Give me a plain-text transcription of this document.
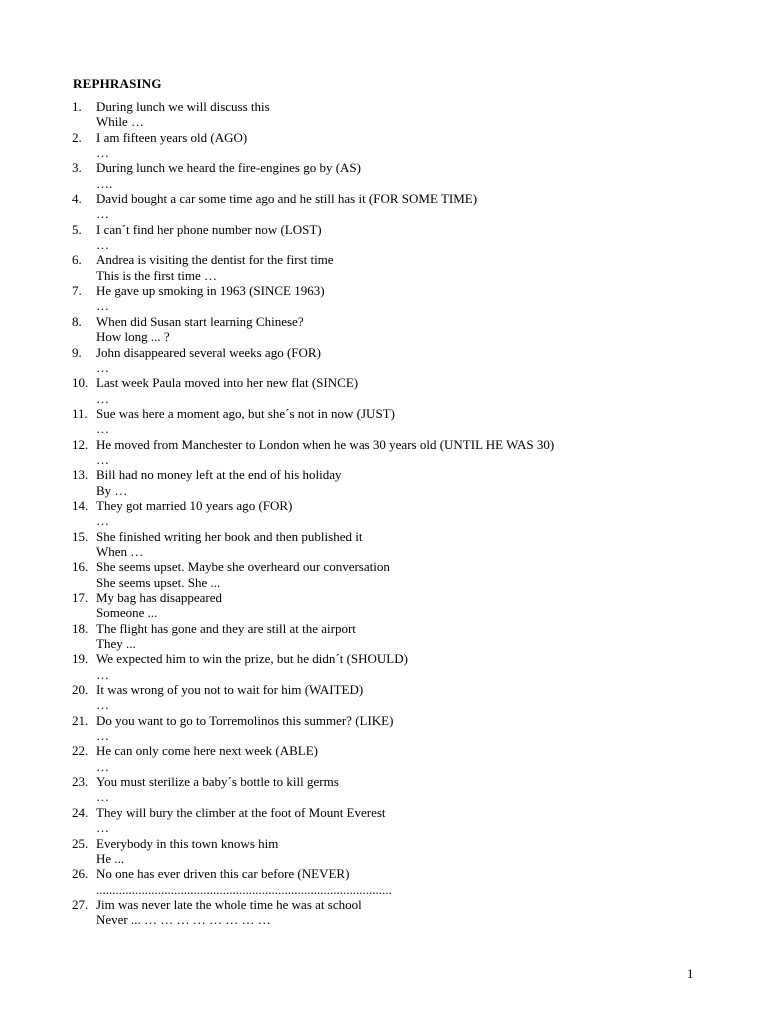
REPHRASING
1.	During lunch we will discuss this
While …
2.	I am fifteen years old (AGO)
…
3.	During lunch we heard the fire-engines go by (AS)
….
4.	David bought a car some time ago and he still has it (FOR SOME TIME)
…
5.	I can´t find her phone number now (LOST)
…
6.	Andrea is visiting the dentist for the first time
This is the first time …
7.	He gave up smoking in 1963 (SINCE 1963)
…
8.	When did Susan start learning Chinese?
How long ... ?
9.	John disappeared several weeks ago (FOR)
…
10. Last week Paula moved into her new flat (SINCE)
…
11. Sue was here a moment ago, but she´s not in now (JUST)
…
12. He moved from Manchester to London when he was 30 years old (UNTIL HE WAS 30)
…
13. Bill had no money left at the end of his holiday
By …
14. They got married 10 years ago (FOR)
…
15. She finished writing her book and then published it
When …
16. She seems upset. Maybe she overheard our conversation
She seems upset. She ...
17. My bag has disappeared
Someone ...
18. The flight has gone and they are still at the airport
They ...
19. We expected him to win the prize, but he didn´t (SHOULD)
…
20. It was wrong of you not to wait for him (WAITED)
…
21. Do you want to go to Torremolinos this summer? (LIKE)
…
22. He can only come here next week (ABLE)
…
23. You must sterilize a baby´s bottle to kill germs
…
24. They will bury the climber at the foot of Mount Everest
…
25. Everybody in this town knows him
He ...
26. No one has ever driven this car before (NEVER)
...........................................................................................
27. Jim was never late the whole time he was at school
Never ... … … … … … … … …
1
